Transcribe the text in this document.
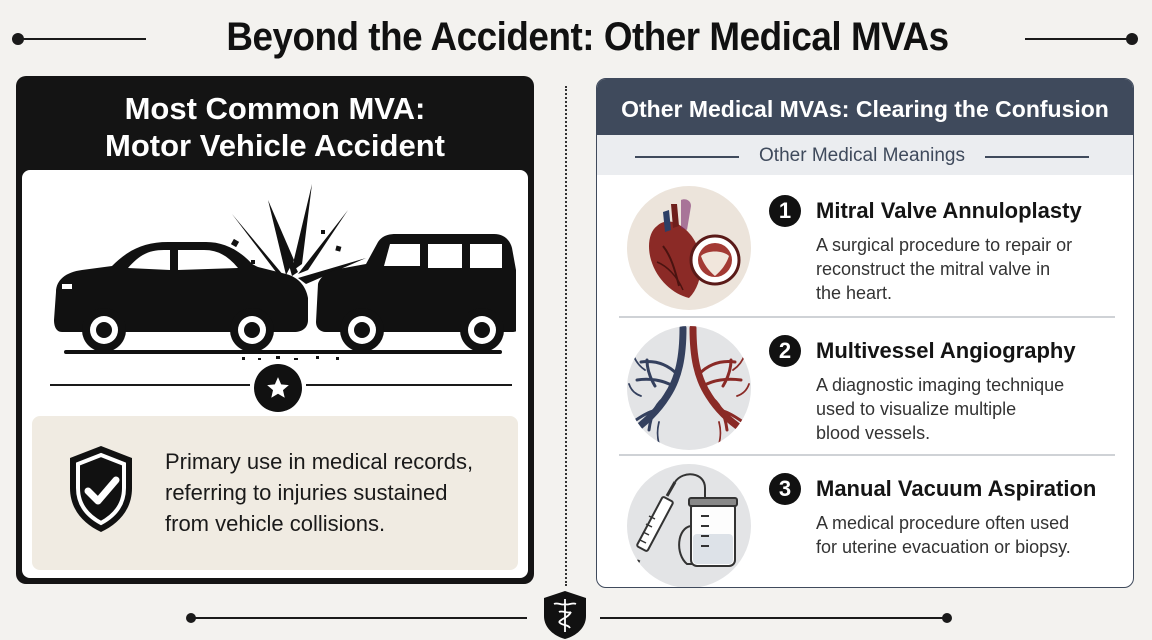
Beyond the Accident: Other Medical MVAs
Most Common MVA:
Motor Vehicle Accident
Primary use in medical records,
referring to injuries sustained
from vehicle collisions.
Other Medical MVAs: Clearing the Confusion
Other Medical Meanings
1	Mitral Valve Annuloplasty
A surgical procedure to repair or
reconstruct the mitral valve in
the heart.
2	Multivessel Angiography
A diagnostic imaging technique
used to visualize multiple
blood vessels.
3	Manual Vacuum Aspiration
A medical procedure often used
for uterine evacuation or biopsy.
